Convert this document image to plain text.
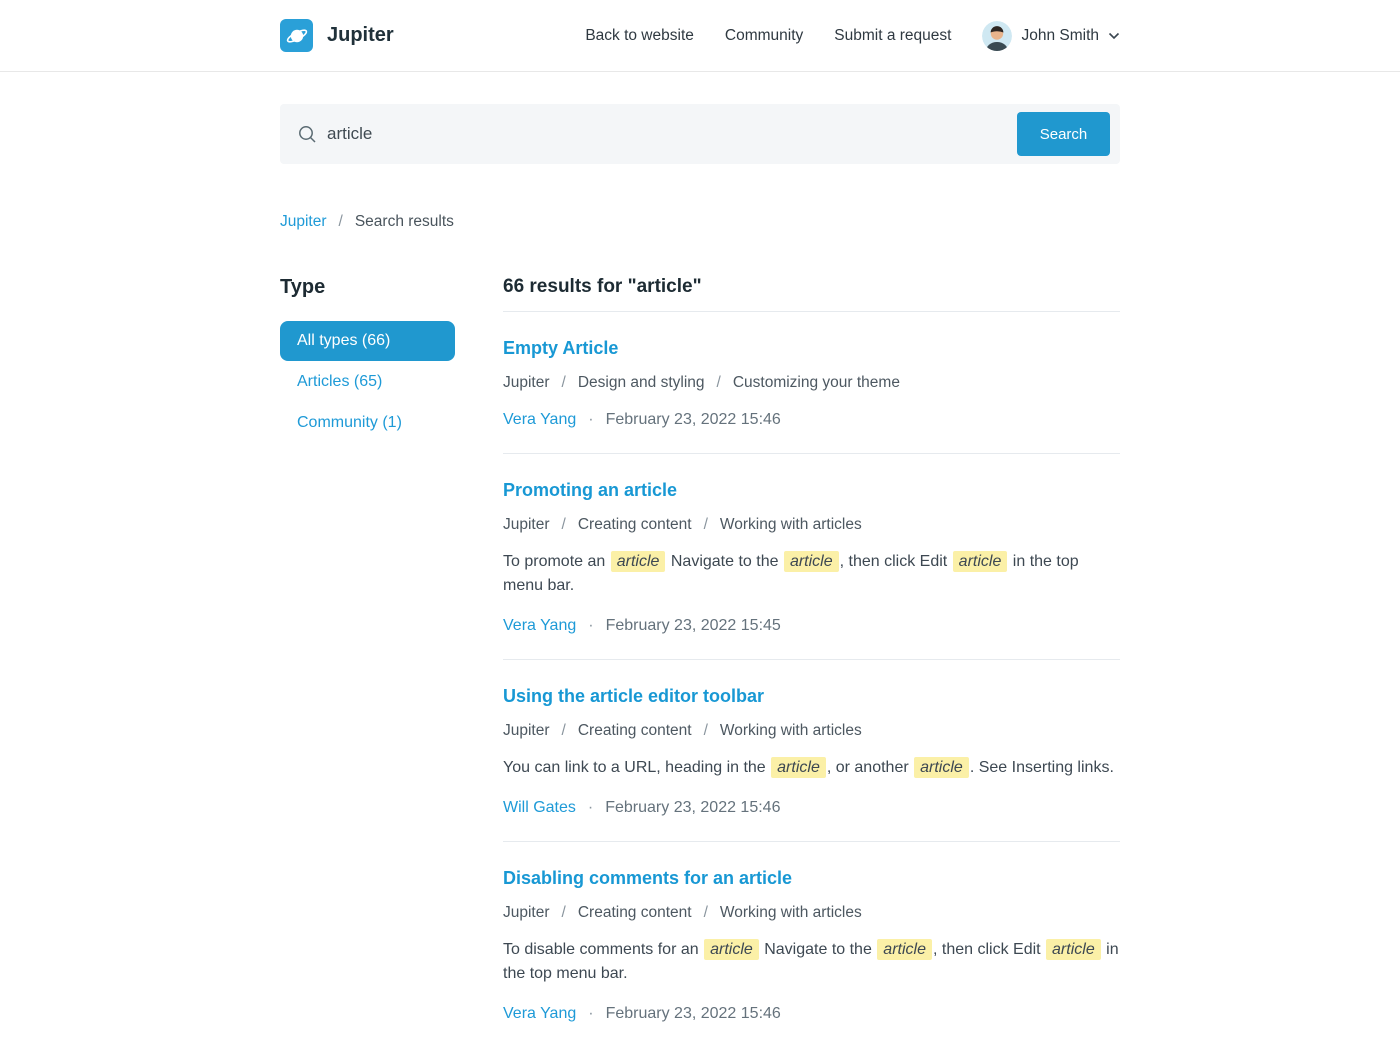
Jupiter	Back to website Community Submit a request	John Smith
article
Search
Jupiter / Search results
Type
All types (66)
Articles (65)
Community (1)
66 results for "article"
Empty Article
Jupiter / Design and styling / Customizing your theme
Vera Yang · February 23, 2022 15:46
Promoting an article
Jupiter / Creating content / Working with articles

To promote an article Navigate to the article , then click Edit article in the top menu bar.

Vera Yang · February 23, 2022 15:45
Using the article editor toolbar
Jupiter / Creating content / Working with articles

You can link to a URL, heading in the article , or another article . See Inserting links.

Will Gates · February 23, 2022 15:46
Disabling comments for an article
Jupiter / Creating content / Working with articles

To disable comments for an article Navigate to the article , then click Edit article in the top menu bar.

Vera Yang · February 23, 2022 15:46
